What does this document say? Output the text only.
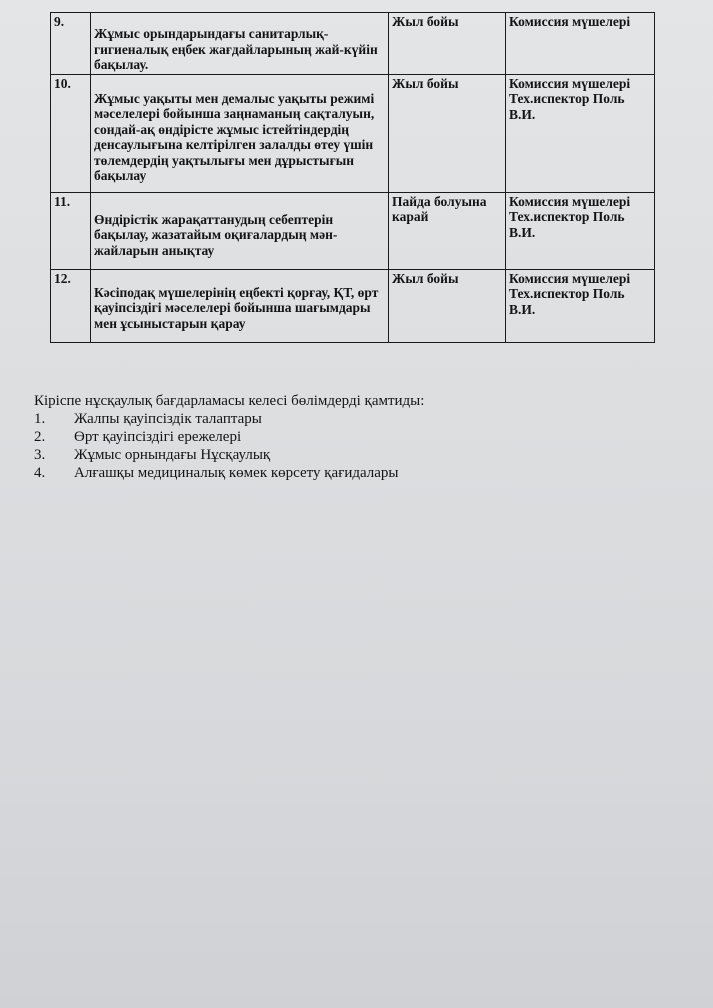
9.	Жұмыс орындарындағы санитарлық-гигиеналық еңбек жағдайларының жай-күйін бақылау.	Жыл бойы	Комиссия мүшелері
10.	Жұмыс уақыты мен демалыс уақыты режимі мәселелері бойынша заңнаманың сақталуын, сондай-ақ өндірісте жұмыс істейтіндердің денсаулығына келтірілген залалды өтеу үшін төлемдердің уақтылығы мен дұрыстығын бақылау	Жыл бойы	Комиссия мүшелері Тех.испектор Поль В.И.
11.	Өндірістік жарақаттанудың себептерін бақылау, жазатайым оқиғалардың мән-жайларын анықтау	Пайда болуына карай	Комиссия мүшелері Тех.испектор Поль В.И.
12.	Кәсіподақ мүшелерінің еңбекті қорғау, ҚТ, өрт қауіпсіздігі мәселелері бойынша шағымдары мен ұсыныстарын қарау	Жыл бойы	Комиссия мүшелері Тех.испектор Поль В.И.
Кіріспе нұсқаулық бағдарламасы келесі бөлімдерді қамтиды:
1.	Жалпы қауіпсіздік талаптары
2.	Өрт қауіпсіздігі ережелері
3.	Жұмыс орнындағы Нұсқаулық
4.	Алғашқы медициналық көмек көрсету қағидалары
